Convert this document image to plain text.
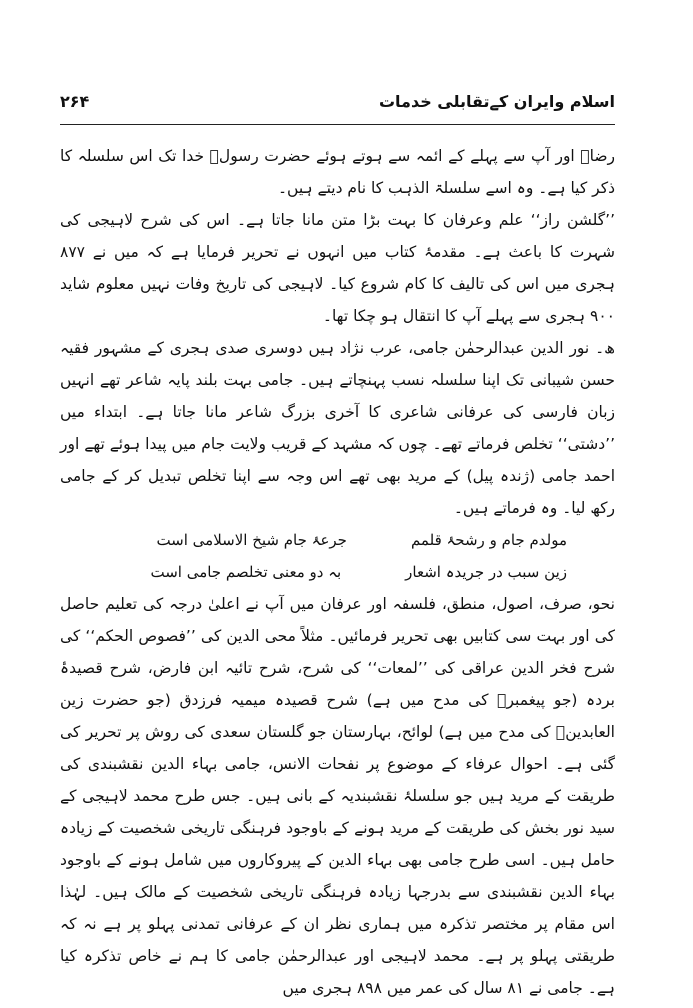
اسلام وایران کےتقابلی خدمات
۲۶۴

رضاؑ اور آپ سے پہلے کے ائمہ سے ہوتے ہوئے حضرت رسولؐ خدا تک اس سلسلہ کا ذکر کیا ہے۔ وہ اسے سلسلۃ الذہب کا نام دیتے ہیں۔

’’گلشن راز‘‘ علم وعرفان کا بہت بڑا متن مانا جاتا ہے۔ اس کی شرح لاہیجی کی شہرت کا باعث ہے۔ مقدمۂ کتاب میں انہوں نے تحریر فرمایا ہے کہ میں نے ۸۷۷ ہجری میں اس کی تالیف کا کام شروع کیا۔ لاہیجی کی تاریخ وفات نہیں معلوم شاید ۹۰۰ ہجری سے پہلے آپ کا انتقال ہو چکا تھا۔

ھ۔ نور الدین عبدالرحمٰن جامی، عرب نژاد ہیں دوسری صدی ہجری کے مشہور فقیہ حسن شیبانی تک اپنا سلسلہ نسب پہنچاتے ہیں۔ جامی بہت بلند پایہ شاعر تھے انہیں زبان فارسی کی عرفانی شاعری کا آخری بزرگ شاعر مانا جاتا ہے۔ ابتداء میں ’’دشتی‘‘ تخلص فرماتے تھے۔ چوں کہ مشہد کے قریب ولایت جام میں پیدا ہوئے تھے اور احمد جامی (ژندہ پیل) کے مرید بھی تھے اس وجہ سے اپنا تخلص تبدیل کر کے جامی رکھ لیا۔ وہ فرماتے ہیں۔

مولدم جام و رشحۂ قلمم
جرعۂ جام شیخ الاسلامی است
زین سبب در جریدہ اشعار
بہ دو معنی تخلصم جامی است

نحو، صرف، اصول، منطق، فلسفہ اور عرفان میں آپ نے اعلیٰ درجہ کی تعلیم حاصل کی اور بہت سی کتابیں بھی تحریر فرمائیں۔ مثلاً محی الدین کی ’’فصوص الحکم‘‘ کی شرح فخر الدین عراقی کی ’’لمعات‘‘ کی شرح، شرح تائیہ ابن فارض، شرح قصیدۂ بردہ (جو پیغمبرؐ کی مدح میں ہے) شرح قصیدہ میمیہ فرزدق (جو حضرت زین العابدینؑ کی مدح میں ہے) لوائح، بہارستان جو گلستان سعدی کی روش پر تحریر کی گئی ہے۔ احوال عرفاء کے موضوع پر نفحات الانس، جامی بہاء الدین نقشبندی کی طریقت کے مرید ہیں جو سلسلۂ نقشبندیہ کے بانی ہیں۔ جس طرح محمد لاہیجی کے سید نور بخش کی طریقت کے مرید ہونے کے باوجود فرہنگی تاریخی شخصیت کے زیادہ حامل ہیں۔ اسی طرح جامی بھی بہاء الدین کے پیروکاروں میں شامل ہونے کے باوجود بہاء الدین نقشبندی سے بدرجہا زیادہ فرہنگی تاریخی شخصیت کے مالک ہیں۔ لہٰذا اس مقام پر مختصر تذکرہ میں ہماری نظر ان کے عرفانی تمدنی پہلو پر ہے نہ کہ طریقتی پہلو پر ہے۔ محمد لاہیجی اور عبدالرحمٰن جامی کا ہم نے خاص تذکرہ کیا ہے۔ جامی نے ۸۱ سال کی عمر میں ۸۹۸ ہجری میں
